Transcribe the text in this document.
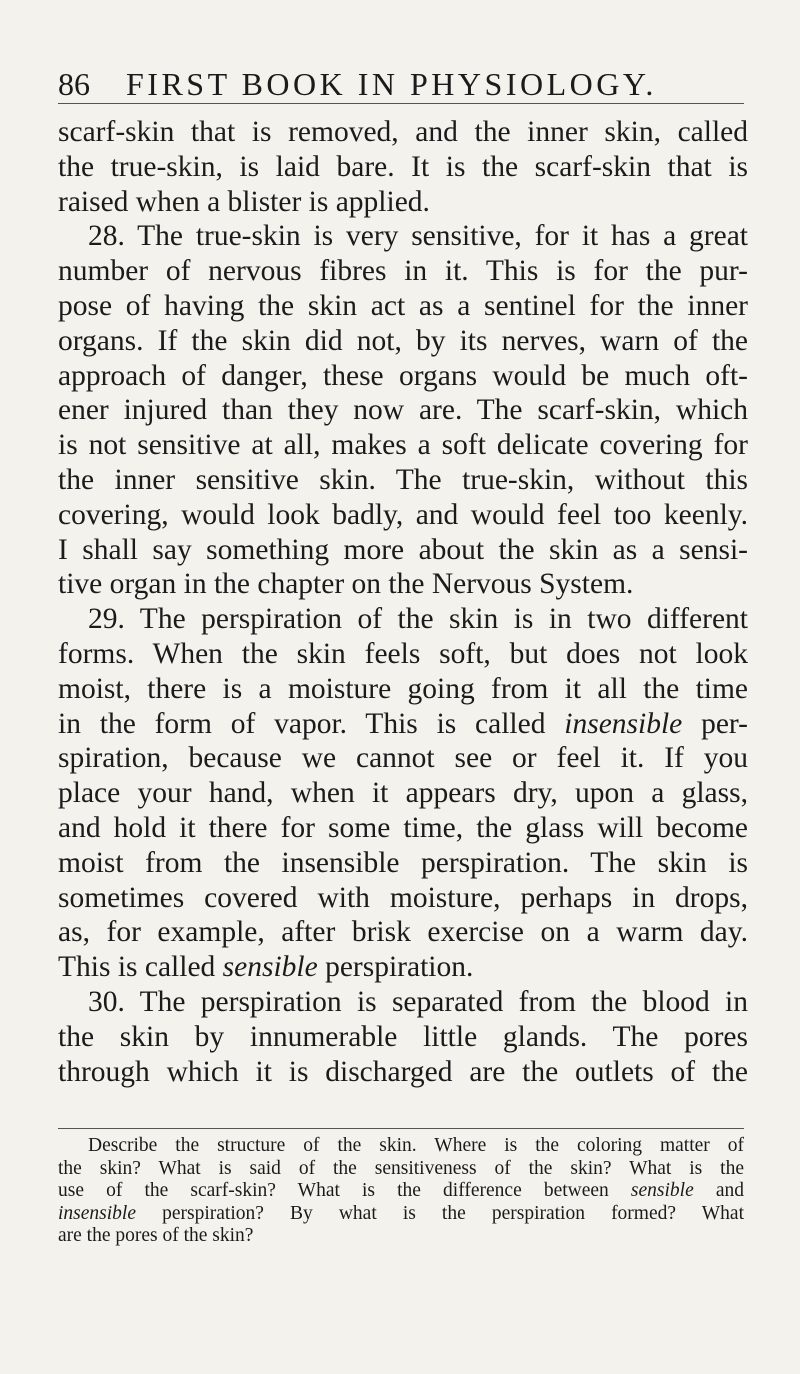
86	FIRST BOOK IN PHYSIOLOGY.
scarf-skin that is removed, and the inner skin, called
the true-skin, is laid bare. It is the scarf-skin that is
raised when a blister is applied.
28. The true-skin is very sensitive, for it has a great
number of nervous fibres in it. This is for the pur-
pose of having the skin act as a sentinel for the inner
organs. If the skin did not, by its nerves, warn of the
approach of danger, these organs would be much oft-
ener injured than they now are. The scarf-skin, which
is not sensitive at all, makes a soft delicate covering for
the inner sensitive skin. The true-skin, without this
covering, would look badly, and would feel too keenly.
I shall say something more about the skin as a sensi-
tive organ in the chapter on the Nervous System.
29. The perspiration of the skin is in two different
forms. When the skin feels soft, but does not look
moist, there is a moisture going from it all the time
in the form of vapor. This is called insensible per-
spiration, because we cannot see or feel it. If you
place your hand, when it appears dry, upon a glass,
and hold it there for some time, the glass will become
moist from the insensible perspiration. The skin is
sometimes covered with moisture, perhaps in drops,
as, for example, after brisk exercise on a warm day.
This is called sensible perspiration.
30. The perspiration is separated from the blood in
the skin by innumerable little glands. The pores
through which it is discharged are the outlets of the
Describe the structure of the skin. Where is the coloring matter of
the skin? What is said of the sensitiveness of the skin? What is the
use of the scarf-skin? What is the difference between sensible and
insensible perspiration? By what is the perspiration formed? What
are the pores of the skin?
